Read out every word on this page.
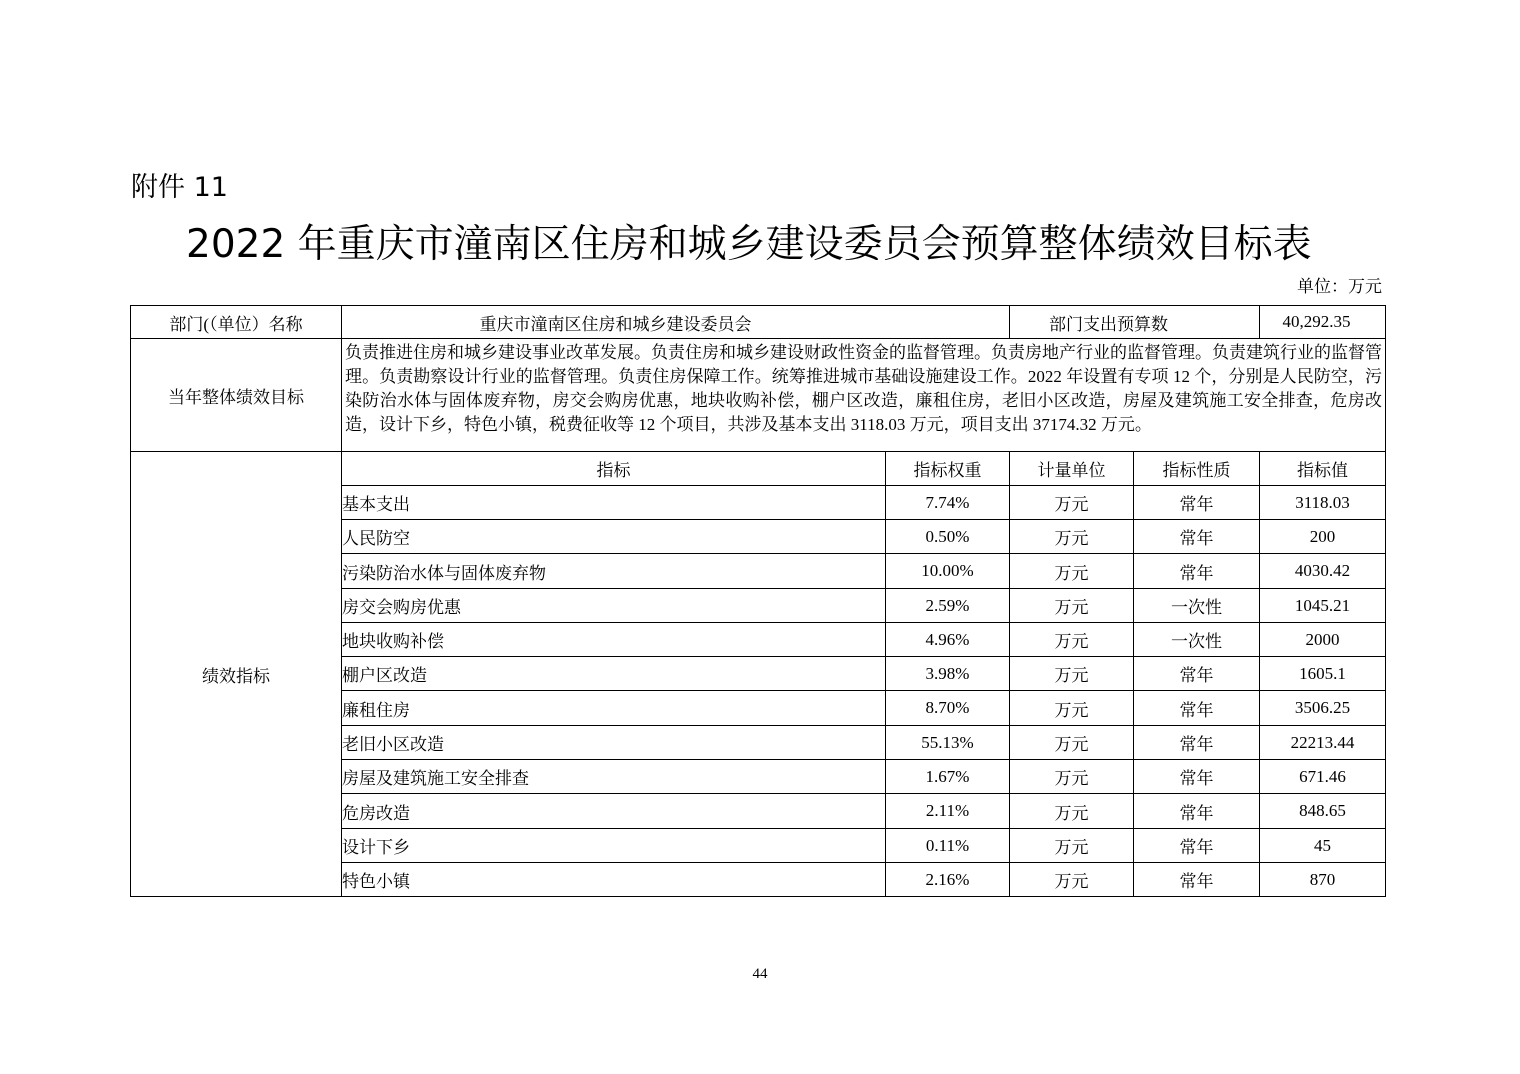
附件 11
2022 年重庆市潼南区住房和城乡建设委员会预算整体绩效目标表
单位：万元
部门(（单位）名称	重庆市潼南区住房和城乡建设委员会		部门支出预算数		40,292.35
当年整体绩效目标	负责推进住房和城乡建设事业改革发展。负责住房和城乡建设财政性资金的监督管理。负责房地产行业的监督管理。负责建筑行业的监督管理。负责勘察设计行业的监督管理。负责住房保障工作。统筹推进城市基础设施建设工作。2022 年设置有专项 12 个，分别是人民防空，污染防治水体与固体废弃物，房交会购房优惠，地块收购补偿，棚户区改造，廉租住房，老旧小区改造，房屋及建筑施工安全排查，危房改造，设计下乡，特色小镇，税费征收等 12 个项目，共涉及基本支出 3118.03 万元，项目支出 37174.32 万元。				
绩效指标	指标	指标权重	计量单位	指标性质	指标值
	基本支出	7.74%	万元	常年	3118.03
	人民防空	0.50%	万元	常年	200
	污染防治水体与固体废弃物	10.00%	万元	常年	4030.42
	房交会购房优惠	2.59%	万元	一次性	1045.21
	地块收购补偿	4.96%	万元	一次性	2000
	棚户区改造	3.98%	万元	常年	1605.1
	廉租住房	8.70%	万元	常年	3506.25
	老旧小区改造	55.13%	万元	常年	22213.44
	房屋及建筑施工安全排查	1.67%	万元	常年	671.46
	危房改造	2.11%	万元	常年	848.65
	设计下乡	0.11%	万元	常年	45
	特色小镇	2.16%	万元	常年	870
44
